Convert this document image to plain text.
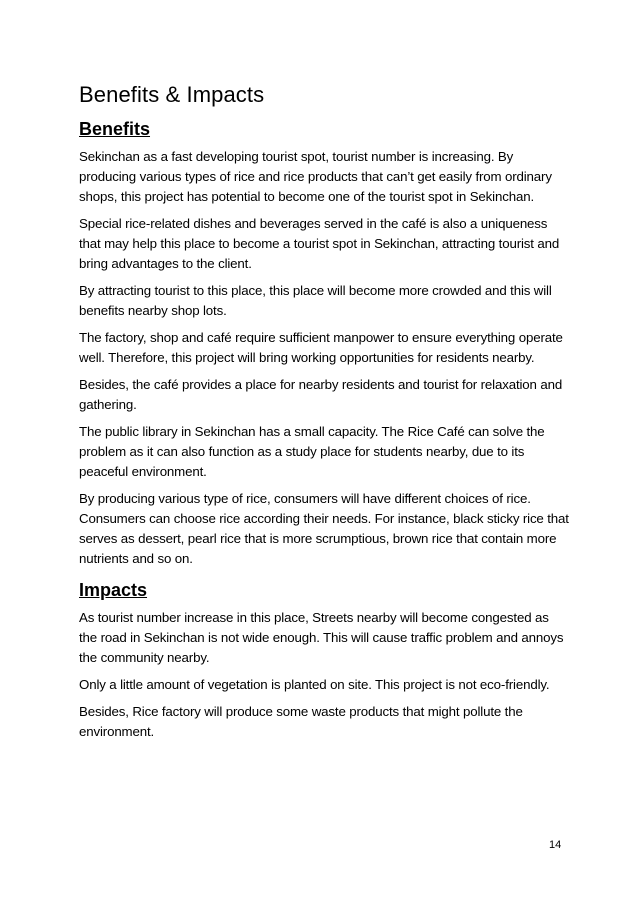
Benefits & Impacts
Benefits

Sekinchan as a fast developing tourist spot, tourist number is increasing. By producing various types of rice and rice products that can’t get easily from ordinary shops, this project has potential to become one of the tourist spot in Sekinchan.

Special rice-related dishes and beverages served in the café is also a uniqueness that may help this place to become a tourist spot in Sekinchan, attracting tourist and bring advantages to the client.

By attracting tourist to this place, this place will become more crowded and this will benefits nearby shop lots.

The factory, shop and café require sufficient manpower to ensure everything operate well. Therefore, this project will bring working opportunities for residents nearby.

Besides, the café provides a place for nearby residents and tourist for relaxation and gathering.

The public library in Sekinchan has a small capacity. The Rice Café can solve the problem as it can also function as a study place for students nearby, due to its peaceful environment.

By producing various type of rice, consumers will have different choices of rice. Consumers can choose rice according their needs. For instance, black sticky rice that serves as dessert, pearl rice that is more scrumptious, brown rice that contain more nutrients and so on.

Impacts

As tourist number increase in this place, Streets nearby will become congested as the road in Sekinchan is not wide enough. This will cause traffic problem and annoys the community nearby.

Only a little amount of vegetation is planted on site. This project is not eco-friendly.

Besides, Rice factory will produce some waste products that might pollute the environment.

14
